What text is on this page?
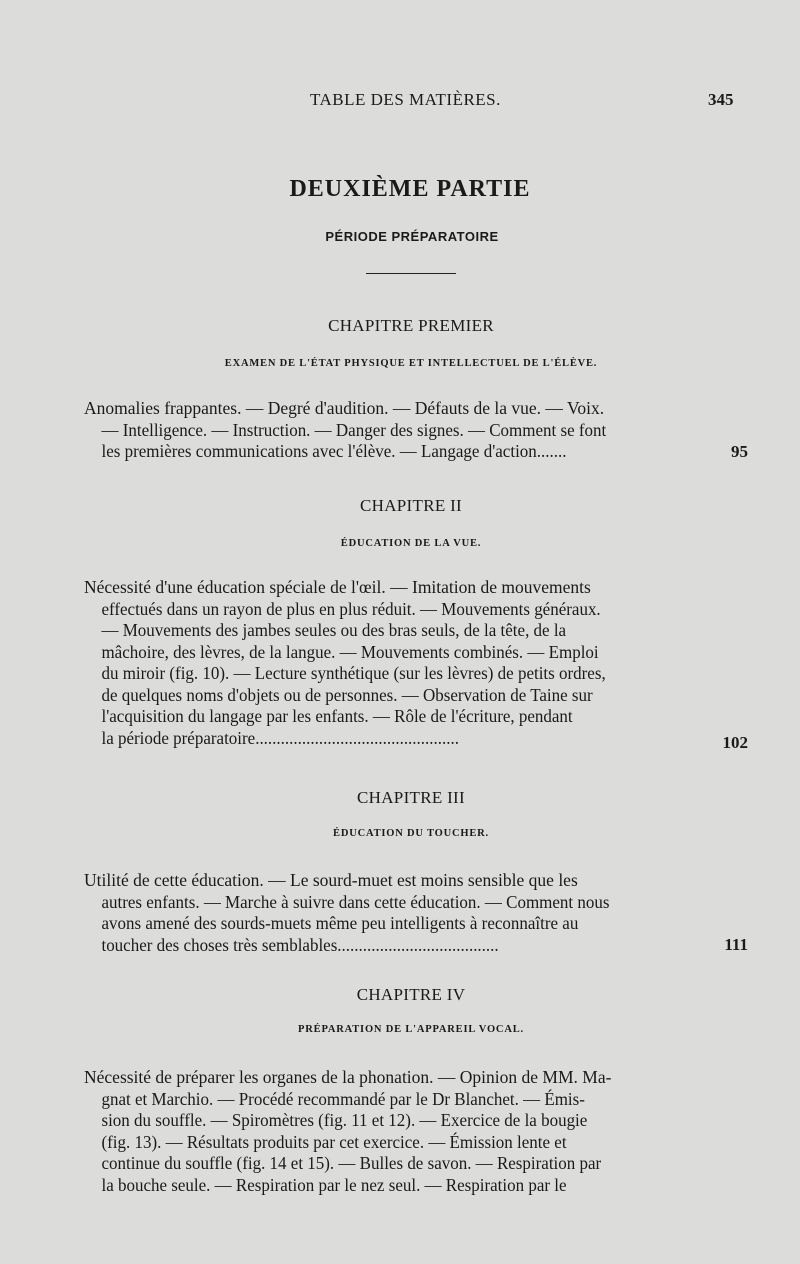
TABLE DES MATIÈRES.	345
DEUXIÈME PARTIE
PÉRIODE PRÉPARATOIRE
CHAPITRE PREMIER
EXAMEN DE L'ÉTAT PHYSIQUE ET INTELLECTUEL DE L'ÉLÈVE.
Anomalies frappantes. — Degré d'audition. — Défauts de la vue. — Voix.
— Intelligence. — Instruction. — Danger des signes. — Comment se font
les premières communications avec l'élève. — Langage d'action.......	95
CHAPITRE II
ÉDUCATION DE LA VUE.
Nécessité d'une éducation spéciale de l'œil. — Imitation de mouvements
effectués dans un rayon de plus en plus réduit. — Mouvements généraux.
— Mouvements des jambes seules ou des bras seuls, de la tête, de la
mâchoire, des lèvres, de la langue. — Mouvements combinés. — Emploi
du miroir (fig. 10). — Lecture synthétique (sur les lèvres) de petits ordres,
de quelques noms d'objets ou de personnes. — Observation de Taine sur
l'acquisition du langage par les enfants. — Rôle de l'écriture, pendant
la période préparatoire................................................	102
CHAPITRE III
ÉDUCATION DU TOUCHER.
Utilité de cette éducation. — Le sourd-muet est moins sensible que les
autres enfants. — Marche à suivre dans cette éducation. — Comment nous
avons amené des sourds-muets même peu intelligents à reconnaître au
toucher des choses très semblables......................................	111
CHAPITRE IV
PRÉPARATION DE L'APPAREIL VOCAL.
Nécessité de préparer les organes de la phonation. — Opinion de MM. Ma-
gnat et Marchio. — Procédé recommandé par le Dr Blanchet. — Émis-
sion du souffle. — Spiromètres (fig. 11 et 12). — Exercice de la bougie
(fig. 13). — Résultats produits par cet exercice. — Émission lente et
continue du souffle (fig. 14 et 15). — Bulles de savon. — Respiration par
la bouche seule. — Respiration par le nez seul. — Respiration par le
